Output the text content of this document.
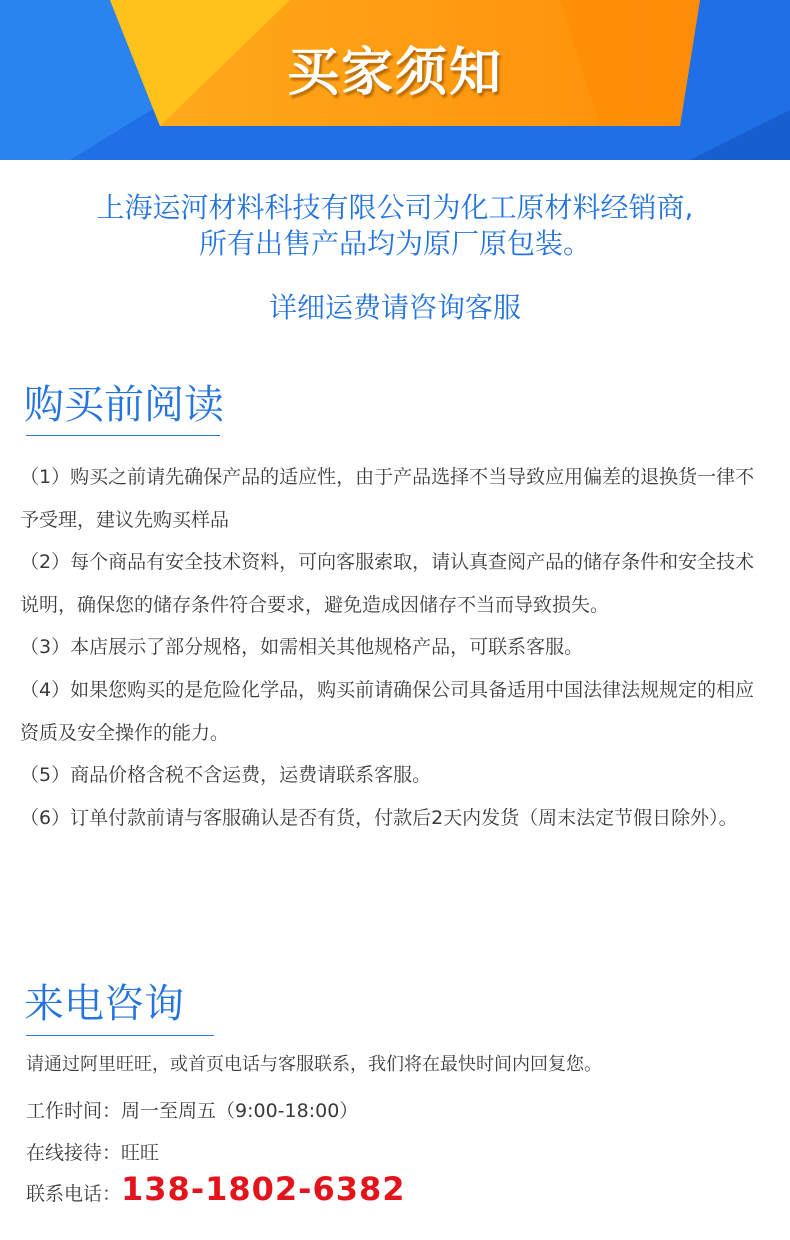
买家须知
上海运河材料科技有限公司为化工原材料经销商,
所有出售产品均为原厂原包装。
详细运费请咨询客服
购买前阅读

（1）购买之前请先确保产品的适应性，由于产品选择不当导致应用偏差的退换货一律不予受理，建议先购买样品

（2）每个商品有安全技术资料，可向客服索取，请认真查阅产品的储存条件和安全技术说明，确保您的储存条件符合要求，避免造成因储存不当而导致损失。

（3）本店展示了部分规格，如需相关其他规格产品，可联系客服。

（4）如果您购买的是危险化学品，购买前请确保公司具备适用中国法律法规规定的相应资质及安全操作的能力。

（5）商品价格含税不含运费，运费请联系客服。

（6）订单付款前请与客服确认是否有货，付款后2天内发货（周末法定节假日除外）。

来电咨询
请通过阿里旺旺，或首页电话与客服联系，我们将在最快时间内回复您。
工作时间：周一至周五（9:00-18:00）
在线接待：旺旺
联系电话：138-1802-6382
